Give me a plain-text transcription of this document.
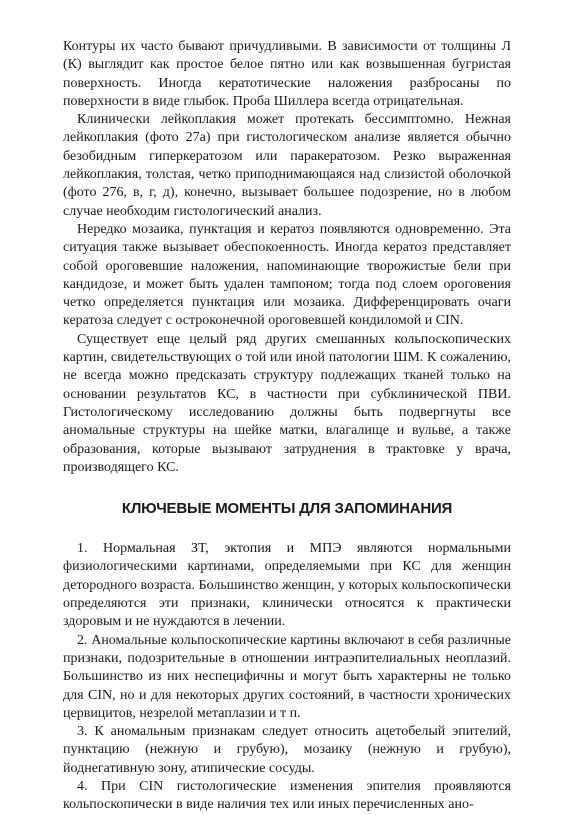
Контуры их часто бывают причудливыми. В зависимости от толщины Л (К) выглядит как простое белое пятно или как возвышенная бугристая поверхность. Иногда кератотические наложения разбросаны по поверхности в виде глыбок. Проба Шиллера всегда отрицательная.

Клинически лейкоплакия может протекать бессимптомно. Нежная лейкоплакия (фото 27а) при гистологическом анализе является обычно безобидным гиперкератозом или паракератозом. Резко выраженная лейкоплакия, толстая, четко приподнимающаяся над слизистой оболочкой (фото 276, в, г, д), конечно, вызывает большее подозрение, но в любом случае необходим гистологический анализ.

Нередко мозаика, пунктация и кератоз появляются одновременно. Эта ситуация также вызывает обеспокоенность. Иногда кератоз представляет собой ороговевшие наложения, напоминающие творожистые бели при кандидозе, и может быть удален тампоном; тогда под слоем ороговения четко определяется пунктация или мозаика. Дифференцировать очаги кератоза следует с остроконечной ороговевшей кондиломой и CIN.

Существует еще целый ряд других смешанных кольпоскопических картин, свидетельствующих о той или иной патологии ШМ. К сожалению, не всегда можно предсказать структуру подлежащих тканей только на основании результатов КС, в частности при субклинической ПВИ. Гистологическому исследованию должны быть подвергнуты все аномальные структуры на шейке матки, влагалище и вульве, а также образования, которые вызывают затруднения в трактовке у врача, производящего КС.

КЛЮЧЕВЫЕ МОМЕНТЫ ДЛЯ ЗАПОМИНАНИЯ

1. Нормальная ЗТ, эктопия и МПЭ являются нормальными физиологическими картинами, определяемыми при КС для женщин детородного возраста. Большинство женщин, у которых кольпоскопически определяются эти признаки, клинически относятся к практически здоровым и не нуждаются в лечении.

2. Аномальные кольпоскопические картины включают в себя различные признаки, подозрительные в отношении интраэпителиальных неоплазий. Большинство из них неспецифичны и могут быть характерны не только для CIN, но и для некоторых других состояний, в частности хронических цервицитов, незрелой метаплазии и т п.

3. К аномальным признакам следует относить ацетобелый эпителий, пунктацию (нежную и грубую), мозаику (нежную и грубую), йоднегативную зону, атипические сосуды.

4. При CIN гистологические изменения эпителия проявляются кольпоскопически в виде наличия тех или иных перечисленных ано-
